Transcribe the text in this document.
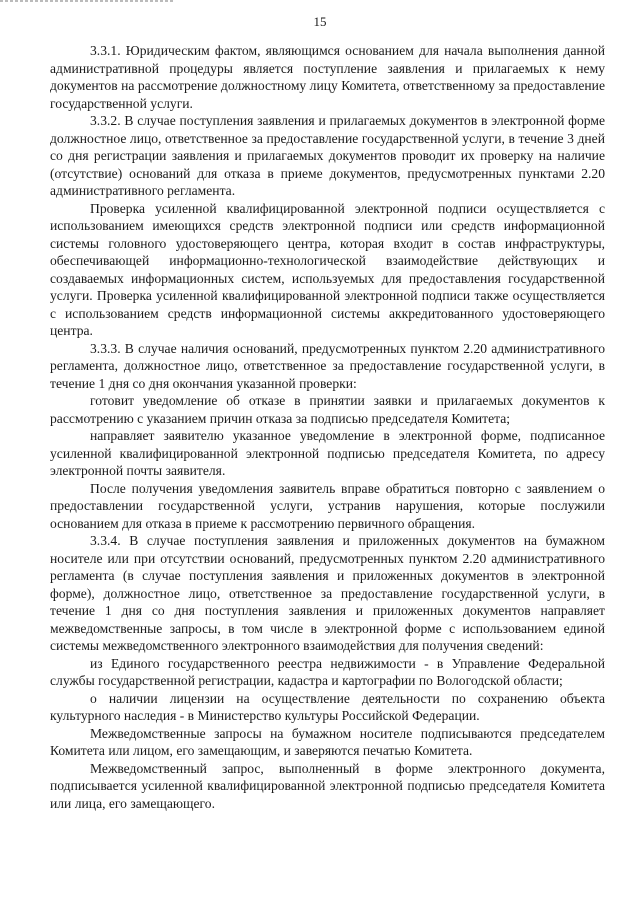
15

3.3.1. Юридическим фактом, являющимся основанием для начала выполнения данной административной процедуры является поступление заявления и прилагаемых к нему документов на рассмотрение должностному лицу Комитета, ответственному за предоставление государственной услуги.

3.3.2. В случае поступления заявления и прилагаемых документов в электронной форме должностное лицо, ответственное за предоставление государственной услуги, в течение 3 дней со дня регистрации заявления и прилагаемых документов проводит их проверку на наличие (отсутствие) оснований для отказа в приеме документов, предусмотренных пунктами 2.20 административного регламента.

Проверка усиленной квалифицированной электронной подписи осуществляется с использованием имеющихся средств электронной подписи или средств информационной системы головного удостоверяющего центра, которая входит в состав инфраструктуры, обеспечивающей информационно-технологической взаимодействие действующих и создаваемых информационных систем, используемых для предоставления государственной услуги. Проверка усиленной квалифицированной электронной подписи также осуществляется с использованием средств информационной системы аккредитованного удостоверяющего центра.

3.3.3. В случае наличия оснований, предусмотренных пунктом 2.20 административного регламента, должностное лицо, ответственное за предоставление государственной услуги, в течение 1 дня со дня окончания указанной проверки:

готовит уведомление об отказе в принятии заявки и прилагаемых документов к рассмотрению с указанием причин отказа за подписью председателя Комитета;

направляет заявителю указанное уведомление в электронной форме, подписанное усиленной квалифицированной электронной подписью председателя Комитета, по адресу электронной почты заявителя.

После получения уведомления заявитель вправе обратиться повторно с заявлением о предоставлении государственной услуги, устранив нарушения, которые послужили основанием для отказа в приеме к рассмотрению первичного обращения.

3.3.4. В случае поступления заявления и приложенных документов на бумажном носителе или при отсутствии оснований, предусмотренных пунктом 2.20 административного регламента (в случае поступления заявления и приложенных документов в электронной форме), должностное лицо, ответственное за предоставление государственной услуги, в течение 1 дня со дня поступления заявления и приложенных документов направляет межведомственные запросы, в том числе в электронной форме с использованием единой системы межведомственного электронного взаимодействия для получения сведений:

из Единого государственного реестра недвижимости - в Управление Федеральной службы государственной регистрации, кадастра и картографии по Вологодской области;

о наличии лицензии на осуществление деятельности по сохранению объекта культурного наследия - в Министерство культуры Российской Федерации.

Межведомственные запросы на бумажном носителе подписываются председателем Комитета или лицом, его замещающим, и заверяются печатью Комитета.

Межведомственный запрос, выполненный в форме электронного документа, подписывается усиленной квалифицированной электронной подписью председателя Комитета или лица, его замещающего.
